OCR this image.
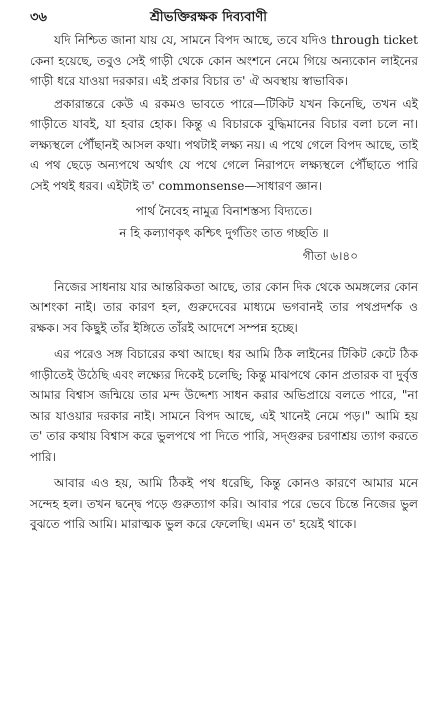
৩৬	শ্রীভক্তিরক্ষক দিব্যবাণী

যদি নিশ্চিত জানা যায় যে, সামনে বিপদ আছে, তবে যদিও through ticket কেনা হয়েছে, তবুও সেই গাড়ী থেকে কোন অংশনে নেমে গিয়ে অন্যকোন লাইনের গাড়ী ধরে যাওয়া দরকার। এই প্রকার বিচার ত' ঐ অবস্থায় স্বাভাবিক।

প্রকারান্তরে কেউ এ রকমও ভাবতে পারে—টিকিট যখন কিনেছি, তখন এই গাড়ীতে যাবই, যা হবার হোক। কিন্তু এ বিচারকে বুদ্ধিমানের বিচার বলা চলে না। লক্ষ্যস্থলে পৌঁছানই আসল কথা। পথটাই লক্ষ্য নয়। এ পথে গেলে বিপদ আছে, তাই এ পথ ছেড়ে অন্যপথে অর্থাৎ যে পথে গেলে নিরাপদে লক্ষ্যস্থলে পৌঁছাতে পারি সেই পথই ধরব। এইটাই ত' commonsense—সাধারণ জ্ঞান।

পার্থ নৈবেহ নামুত্র বিনাশস্তস্য বিদ্যতে।
ন হি কল্যাণকৃৎ কশ্চিৎ দুর্গতিং তাত গচ্ছতি ॥
গীতা ৬।৪০

নিজের সাধনায় যার আন্তরিকতা আছে, তার কোন দিক থেকে অমঙ্গলের কোন আশংকা নাই। তার কারণ হল, গুরুদেবের মাধ্যমে ভগবানই তার পথপ্রদর্শক ও রক্ষক। সব কিছুই তাঁর ইঙ্গিতে তাঁরই আদেশে সম্পন্ন হচ্ছে।

এর পরেও সঙ্গ বিচারের কথা আছে। ধর আমি ঠিক লাইনের টিকিট কেটে ঠিক গাড়ীতেই উঠেছি এবং লক্ষ্যের দিকেই চলেছি; কিন্তু মাঝপথে কোন প্রতারক বা দুর্বৃত্ত আমার বিশ্বাস জন্মিয়ে তার মন্দ উদ্দেশ্য সাধন করার অভিপ্রায়ে বলতে পারে, "না আর যাওয়ার দরকার নাই। সামনে বিপদ আছে, এই খানেই নেমে পড়।" আমি হয় ত' তার কথায় বিশ্বাস করে ভুলপথে পা দিতে পারি, সদ্গুরুর চরণাশ্রয় ত্যাগ করতে পারি।

আবার এও হয়, আমি ঠিকই পথ ধরেছি, কিন্তু কোনও কারণে আমার মনে সন্দেহ হল। তখন দ্বন্দ্বে পড়ে গুরুত্যাগ করি। আবার পরে ভেবে চিন্তে নিজের ভুল বুঝতে পারি আমি। মারাত্মক ভুল করে ফেলেছি। এমন ত' হয়েই থাকে।
